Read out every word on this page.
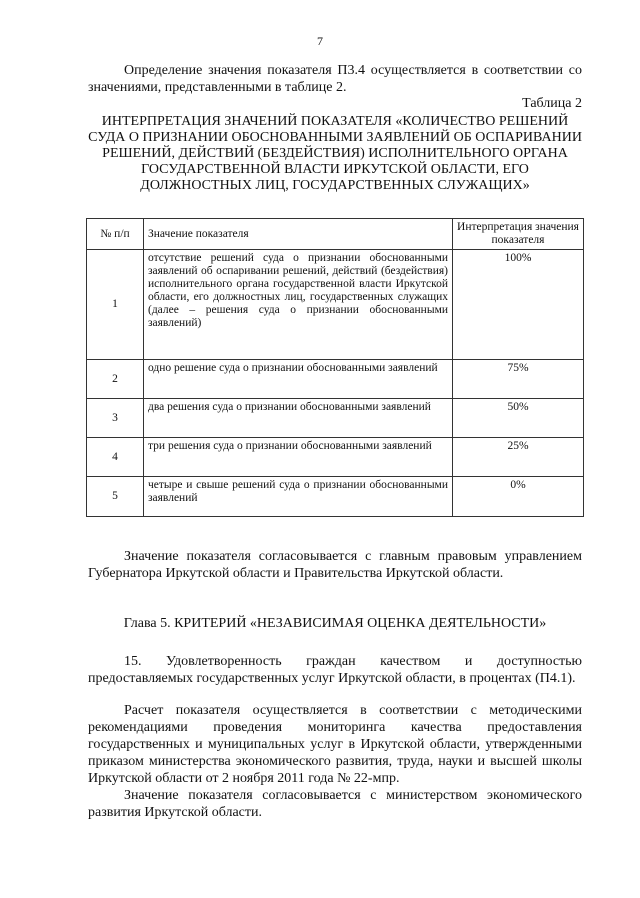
7
Определение значения показателя П3.4 осуществляется в соответствии со значениями, представленными в таблице 2.
Таблица 2
ИНТЕРПРЕТАЦИЯ ЗНАЧЕНИЙ ПОКАЗАТЕЛЯ «КОЛИЧЕСТВО РЕШЕНИЙ СУДА О ПРИЗНАНИИ ОБОСНОВАННЫМИ ЗАЯВЛЕНИЙ ОБ ОСПАРИВАНИИ РЕШЕНИЙ, ДЕЙСТВИЙ (БЕЗДЕЙСТВИЯ) ИСПОЛНИТЕЛЬНОГО ОРГАНА ГОСУДАРСТВЕННОЙ ВЛАСТИ ИРКУТСКОЙ ОБЛАСТИ, ЕГО ДОЛЖНОСТНЫХ ЛИЦ, ГОСУДАРСТВЕННЫХ СЛУЖАЩИХ»
№ п/п	Значение показателя	Интерпретация значения показателя
1	отсутствие решений суда о признании обоснованными заявлений об оспаривании решений, действий (бездействия) исполнительного органа государственной власти Иркутской области, его должностных лиц, государственных служащих (далее – решения суда о признании обоснованными заявлений)	100%
2	одно решение суда о признании обоснованными заявлений	75%
3	два решения суда о признании обоснованными заявлений	50%
4	три решения суда о признании обоснованными заявлений	25%
5	четыре и свыше решений суда о признании обоснованными заявлений	0%
Значение показателя согласовывается с главным правовым управлением Губернатора Иркутской области и Правительства Иркутской области.
Глава 5. КРИТЕРИЙ «НЕЗАВИСИМАЯ ОЦЕНКА ДЕЯТЕЛЬНОСТИ»
15. Удовлетворенность граждан качеством и доступностью предоставляемых государственных услуг Иркутской области, в процентах (П4.1).
Расчет показателя осуществляется в соответствии с методическими рекомендациями проведения мониторинга качества предоставления государственных и муниципальных услуг в Иркутской области, утвержденными приказом министерства экономического развития, труда, науки и высшей школы Иркутской области от 2 ноября 2011 года № 22-мпр.
Значение показателя согласовывается с министерством экономического развития Иркутской области.
